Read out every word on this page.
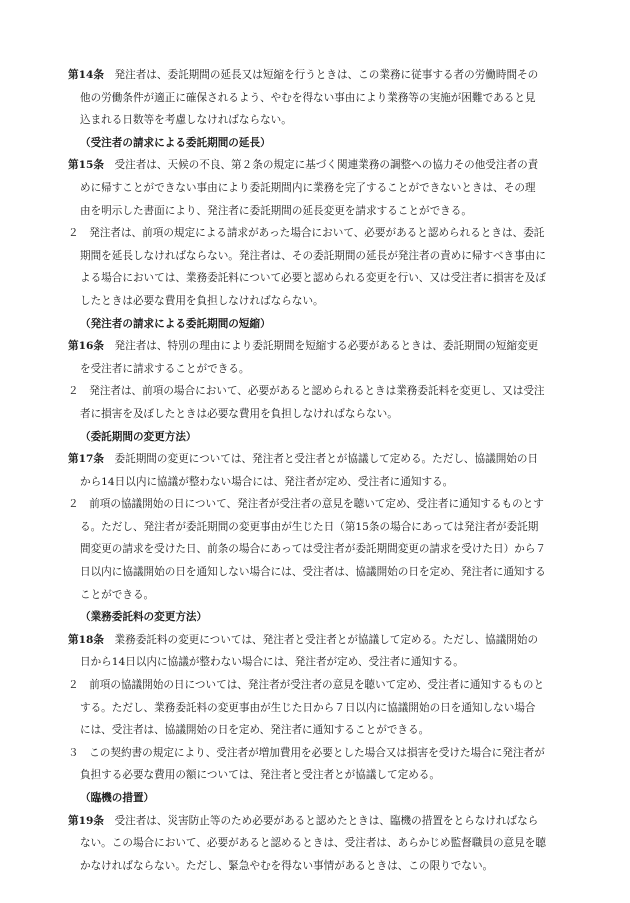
第14条　 発注者は、委託期間の延長又は短縮を行うときは、この業務に従事する者の労働時間その他の労働条件が適正に確保されるよう、やむを得ない事由により業務等の実施が困難であると見込まれる日数等を考慮しなければならない。

（受注者の請求による委託期間の延長）

第15条　 受注者は、天候の不良、第２条の規定に基づく関連業務の調整への協力その他受注者の責めに帰すことができない事由により委託期間内に業務を完了することができないときは、その理由を明示した書面により、発注者に委託期間の延長変更を請求することができる。

２　 発注者は、前項の規定による請求があった場合において、必要があると認められるときは、委託期間を延長しなければならない。発注者は、その委託期間の延長が発注者の責めに帰すべき事由による場合においては、業務委託料について必要と認められる変更を行い、又は受注者に損害を及ぼしたときは必要な費用を負担しなければならない。

（発注者の請求による委託期間の短縮）

第16条　 発注者は、特別の理由により委託期間を短縮する必要があるときは、委託期間の短縮変更を受注者に請求することができる。

２　 発注者は、前項の場合において、必要があると認められるときは業務委託料を変更し、又は受注者に損害を及ぼしたときは必要な費用を負担しなければならない。

（委託期間の変更方法）

第17条　 委託期間の変更については、発注者と受注者とが協議して定める。ただし、協議開始の日から14日以内に協議が整わない場合には、発注者が定め、受注者に通知する。

２　 前項の協議開始の日について、発注者が受注者の意見を聴いて定め、受注者に通知するものとする。ただし、発注者が委託期間の変更事由が生じた日（第15条の場合にあっては発注者が委託期間変更の請求を受けた日、前条の場合にあっては受注者が委託期間変更の請求を受けた日）から７日以内に協議開始の日を通知しない場合には、受注者は、協議開始の日を定め、発注者に通知することができる。

（業務委託料の変更方法）

第18条　 業務委託料の変更については、発注者と受注者とが協議して定める。ただし、協議開始の日から14日以内に協議が整わない場合には、発注者が定め、受注者に通知する。

２　 前項の協議開始の日については、発注者が受注者の意見を聴いて定め、受注者に通知するものとする。ただし、業務委託料の変更事由が生じた日から７日以内に協議開始の日を通知しない場合には、受注者は、協議開始の日を定め、発注者に通知することができる。

３　 この契約書の規定により、受注者が増加費用を必要とした場合又は損害を受けた場合に発注者が負担する必要な費用の額については、発注者と受注者とが協議して定める。

（臨機の措置）

第19条　 受注者は、災害防止等のため必要があると認めたときは、臨機の措置をとらなければならない。この場合において、必要があると認めるときは、受注者は、あらかじめ監督職員の意見を聴かなければならない。ただし、緊急やむを得ない事情があるときは、この限りでない。
